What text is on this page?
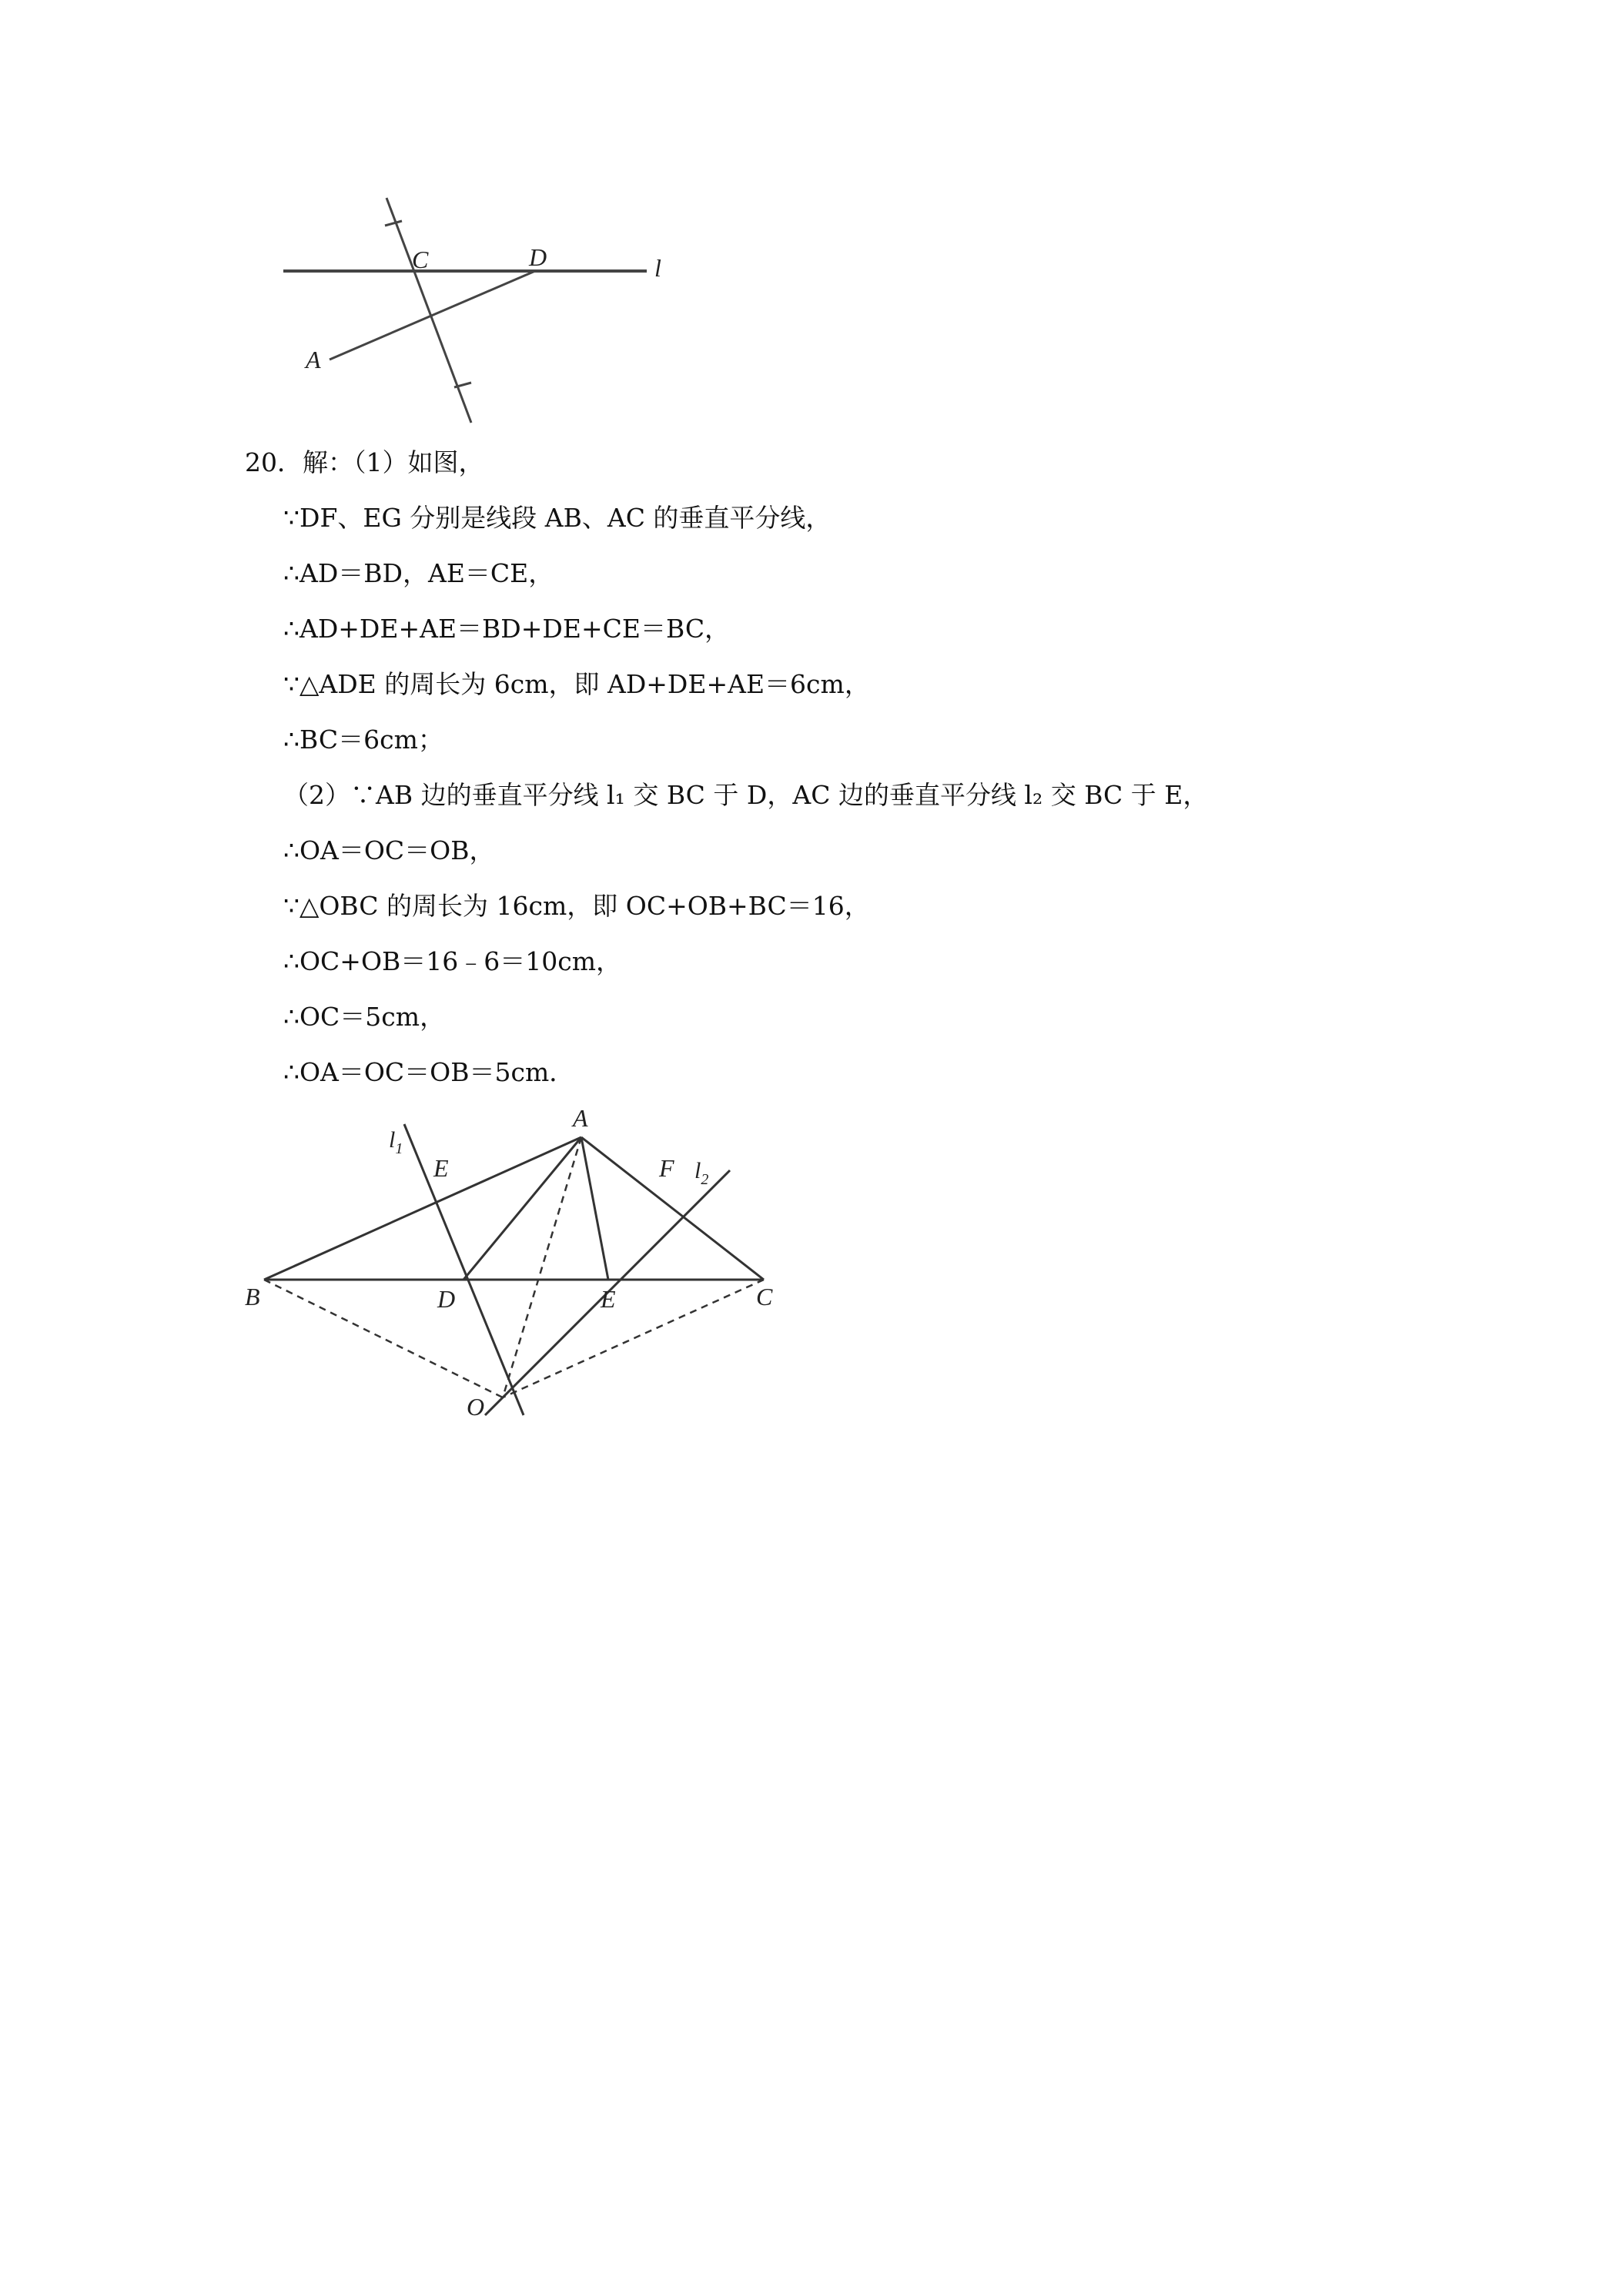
C	D	l
A
20．解：（1）如图，
∵DF、EG 分别是线段 AB、AC 的垂直平分线，
∴AD＝BD，AE＝CE，
∴AD+DE+AE＝BD+DE+CE＝BC，
∵△ADE 的周长为 6cm，即 AD+DE+AE＝6cm，
∴BC＝6cm；
（2）∵AB 边的垂直平分线 l₁ 交 BC 于 D，AC 边的垂直平分线 l₂ 交 BC 于 E，
∴OA＝OC＝OB，
∵△OBC 的周长为 16cm，即 OC+OB+BC＝16，
∴OC+OB＝16﹣6＝10cm，
∴OC＝5cm，
∴OA＝OC＝OB＝5cm．
A
B	C
D
E
E
F
O
$l_1$
$l_2$
